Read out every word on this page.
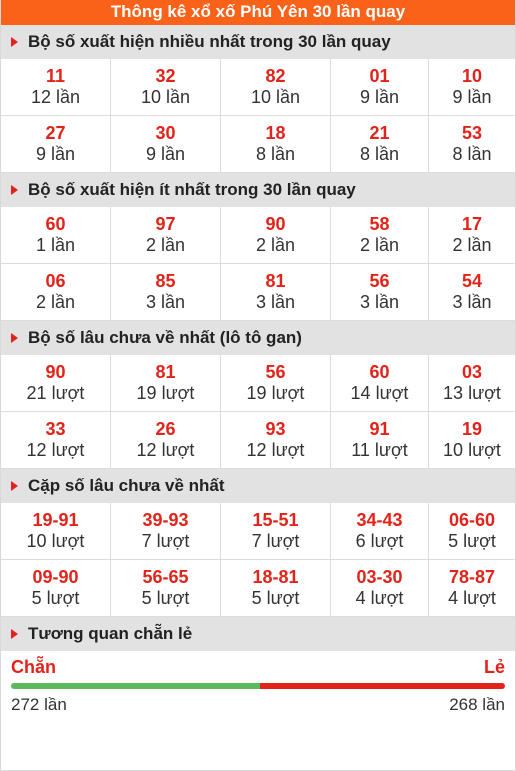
Thông kê xổ xố Phú Yên 30 lần quay
Bộ số xuất hiện nhiều nhất trong 30 lần quay
11
12 lần
32
10 lần
82
10 lần
01
9 lần
10
9 lần
27
9 lần
30
9 lần
18
8 lần
21
8 lần
53
8 lần
Bộ số xuất hiện ít nhất trong 30 lần quay
60
1 lần
97
2 lần
90
2 lần
58
2 lần
17
2 lần
06
2 lần
85
3 lần
81
3 lần
56
3 lần
54
3 lần
Bộ số lâu chưa về nhất (lô tô gan)
90
21 lượt
81
19 lượt
56
19 lượt
60
14 lượt
03
13 lượt
33
12 lượt
26
12 lượt
93
12 lượt
91
11 lượt
19
10 lượt
Cặp số lâu chưa về nhất
19-91
10 lượt
39-93
7 lượt
15-51
7 lượt
34-43
6 lượt
06-60
5 lượt
09-90
5 lượt
56-65
5 lượt
18-81
5 lượt
03-30
4 lượt
78-87
4 lượt
Tương quan chẵn lẻ
Chẵn	Lẻ
272 lần	268 lần
